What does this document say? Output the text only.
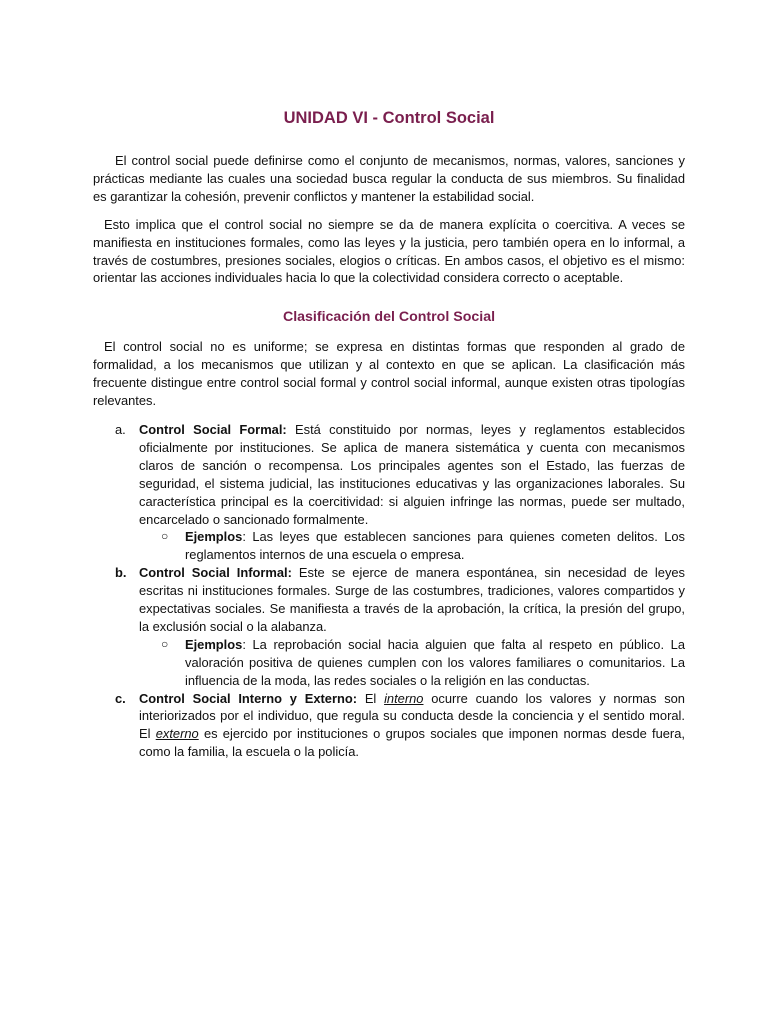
UNIDAD VI - Control Social

El control social puede definirse como el conjunto de mecanismos, normas, valores, sanciones y prácticas mediante las cuales una sociedad busca regular la conducta de sus miembros. Su finalidad es garantizar la cohesión, prevenir conflictos y mantener la estabilidad social.

Esto implica que el control social no siempre se da de manera explícita o coercitiva. A veces se manifiesta en instituciones formales, como las leyes y la justicia, pero también opera en lo informal, a través de costumbres, presiones sociales, elogios o críticas. En ambos casos, el objetivo es el mismo: orientar las acciones individuales hacia lo que la colectividad considera correcto o aceptable.

Clasificación del Control Social

El control social no es uniforme; se expresa en distintas formas que responden al grado de formalidad, a los mecanismos que utilizan y al contexto en que se aplican. La clasificación más frecuente distingue entre control social formal y control social informal, aunque existen otras tipologías relevantes.

a. Control Social Formal: Está constituido por normas, leyes y reglamentos establecidos oficialmente por instituciones. Se aplica de manera sistemática y cuenta con mecanismos claros de sanción o recompensa. Los principales agentes son el Estado, las fuerzas de seguridad, el sistema judicial, las instituciones educativas y las organizaciones laborales. Su característica principal es la coercitividad: si alguien infringe las normas, puede ser multado, encarcelado o sancionado formalmente.
○ Ejemplos: Las leyes que establecen sanciones para quienes cometen delitos. Los reglamentos internos de una escuela o empresa.
b. Control Social Informal: Este se ejerce de manera espontánea, sin necesidad de leyes escritas ni instituciones formales. Surge de las costumbres, tradiciones, valores compartidos y expectativas sociales. Se manifiesta a través de la aprobación, la crítica, la presión del grupo, la exclusión social o la alabanza.
○ Ejemplos: La reprobación social hacia alguien que falta al respeto en público. La valoración positiva de quienes cumplen con los valores familiares o comunitarios. La influencia de la moda, las redes sociales o la religión en las conductas.
c. Control Social Interno y Externo: El interno ocurre cuando los valores y normas son interiorizados por el individuo, que regula su conducta desde la conciencia y el sentido moral. El externo es ejercido por instituciones o grupos sociales que imponen normas desde fuera, como la familia, la escuela o la policía.
